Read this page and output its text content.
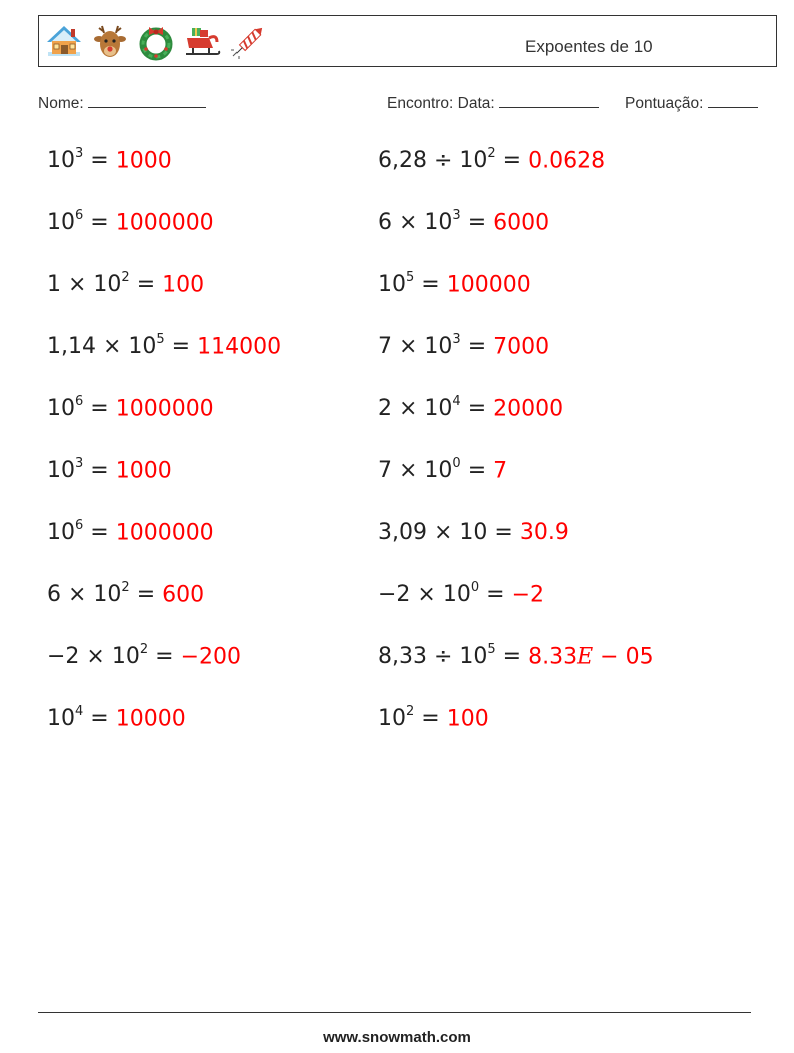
Expoentes de 10
Nome:	Encontro: Data:	Pontuação:
$10^3 = 1000$	$6,28 \div 10^2 = 0.0628$
$10^6 = 1000000$	$6 \times 10^3 = 6000$
$1 \times 10^2 = 100$	$10^5 = 100000$
$1,14 \times 10^5 = 114000$	$7 \times 10^3 = 7000$
$10^6 = 1000000$	$2 \times 10^4 = 20000$
$10^3 = 1000$	$7 \times 10^0 = 7$
$10^6 = 1000000$	3,09 × 10 = 30.9
$6 \times 10^2 = 600$	$-2 \times 10^0 = -2$
$-2 \times 10^2 = -200$	$8,33 \div 10^5 = 8.33E - 05$
$10^4 = 10000$	$10^2 = 100$
www.snowmath.com
